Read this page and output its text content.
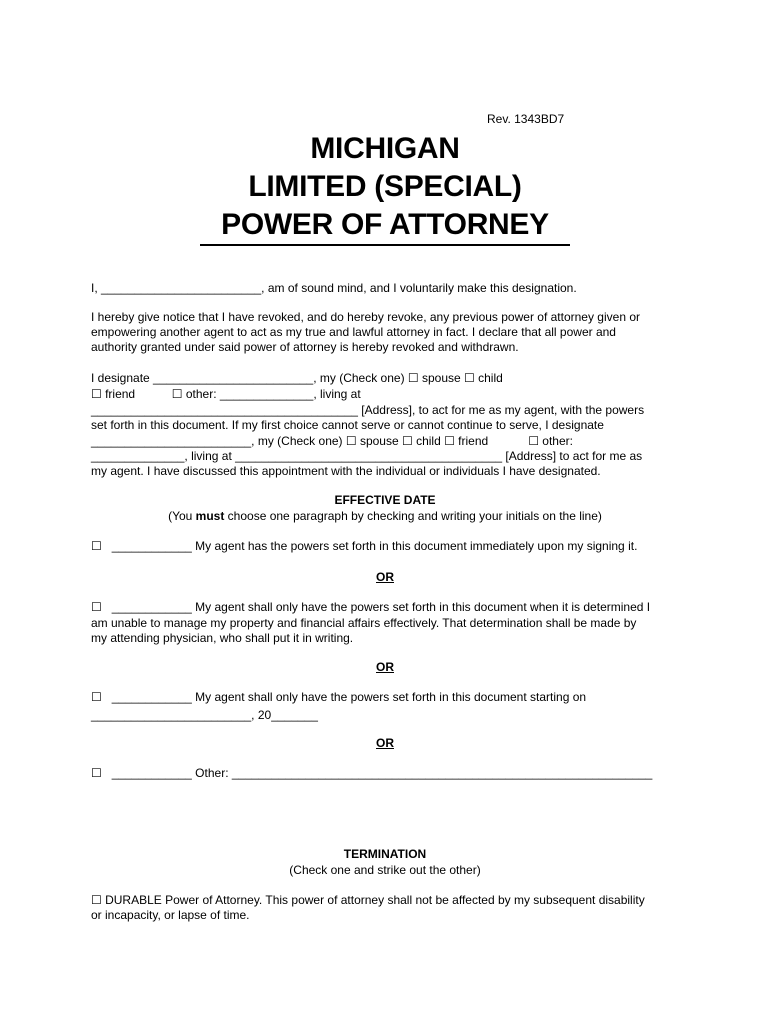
Rev. 1343BD7
MICHIGAN
LIMITED (SPECIAL)
POWER OF ATTORNEY
I, ________________________, am of sound mind, and I voluntarily make this designation.
I hereby give notice that I have revoked, and do hereby revoke, any previous power of attorney given or
empowering another agent to act as my true and lawful attorney in fact. I declare that all power and
authority granted under said power of attorney is hereby revoked and withdrawn.
I designate ________________________, my (Check one) ☐ spouse ☐ child
☐ friend           ☐ other: ______________, living at
________________________________________ [Address], to act for me as my agent, with the powers
set forth in this document. If my first choice cannot serve or cannot continue to serve, I designate
________________________, my (Check one) ☐ spouse ☐ child ☐ friend            ☐ other:
______________, living at ________________________________________ [Address] to act for me as
my agent. I have discussed this appointment with the individual or individuals I have designated.
EFFECTIVE DATE
(You must choose one paragraph by checking and writing your initials on the line)
☐   ____________ My agent has the powers set forth in this document immediately upon my signing it.
OR
☐   ____________ My agent shall only have the powers set forth in this document when it is determined I
am unable to manage my property and financial affairs effectively. That determination shall be made by
my attending physician, who shall put it in writing.
OR
☐   ____________ My agent shall only have the powers set forth in this document starting on
________________________, 20_______
OR
☐   ____________ Other: _______________________________________________________________
TERMINATION
(Check one and strike out the other)
☐ DURABLE Power of Attorney. This power of attorney shall not be affected by my subsequent disability
or incapacity, or lapse of time.
